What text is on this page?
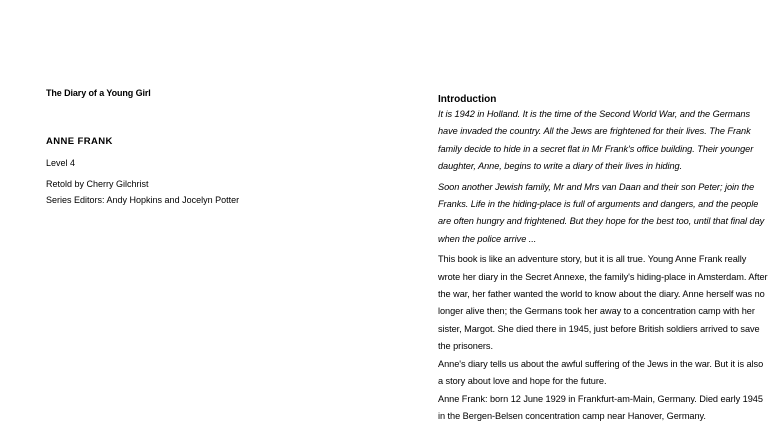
The Diary of a Young Girl
ANNE FRANK
Level 4
Retold by Cherry Gilchrist
Series Editors: Andy Hopkins and Jocelyn Potter

Introduction

It is 1942 in Holland. It is the time of the Second World War, and the Germans have invaded the country. All the Jews are frightened for their lives. The Frank family decide to hide in a secret flat in Mr Frank's office building. Their younger daughter, Anne, begins to write a diary of their lives in hiding.

Soon another Jewish family, Mr and Mrs van Daan and their son Peter; join the Franks. Life in the hiding-place is full of arguments and dangers, and the people are often hungry and frightened. But they hope for the best too, until that final day when the police arrive ...

This book is like an adventure story, but it is all true. Young Anne Frank really wrote her diary in the Secret Annexe, the family's hiding-place in Amsterdam. After the war, her father wanted the world to know about the diary. Anne herself was no longer alive then; the Germans took her away to a concentration camp with her sister, Margot. She died there in 1945, just before British soldiers arrived to save the prisoners.

Anne's diary tells us about the awful suffering of the Jews in the war. But it is also a story about love and hope for the future.

Anne Frank: born 12 June 1929 in Frankfurt-am-Main, Germany. Died early 1945 in the Bergen-Belsen concentration camp near Hanover, Germany.
